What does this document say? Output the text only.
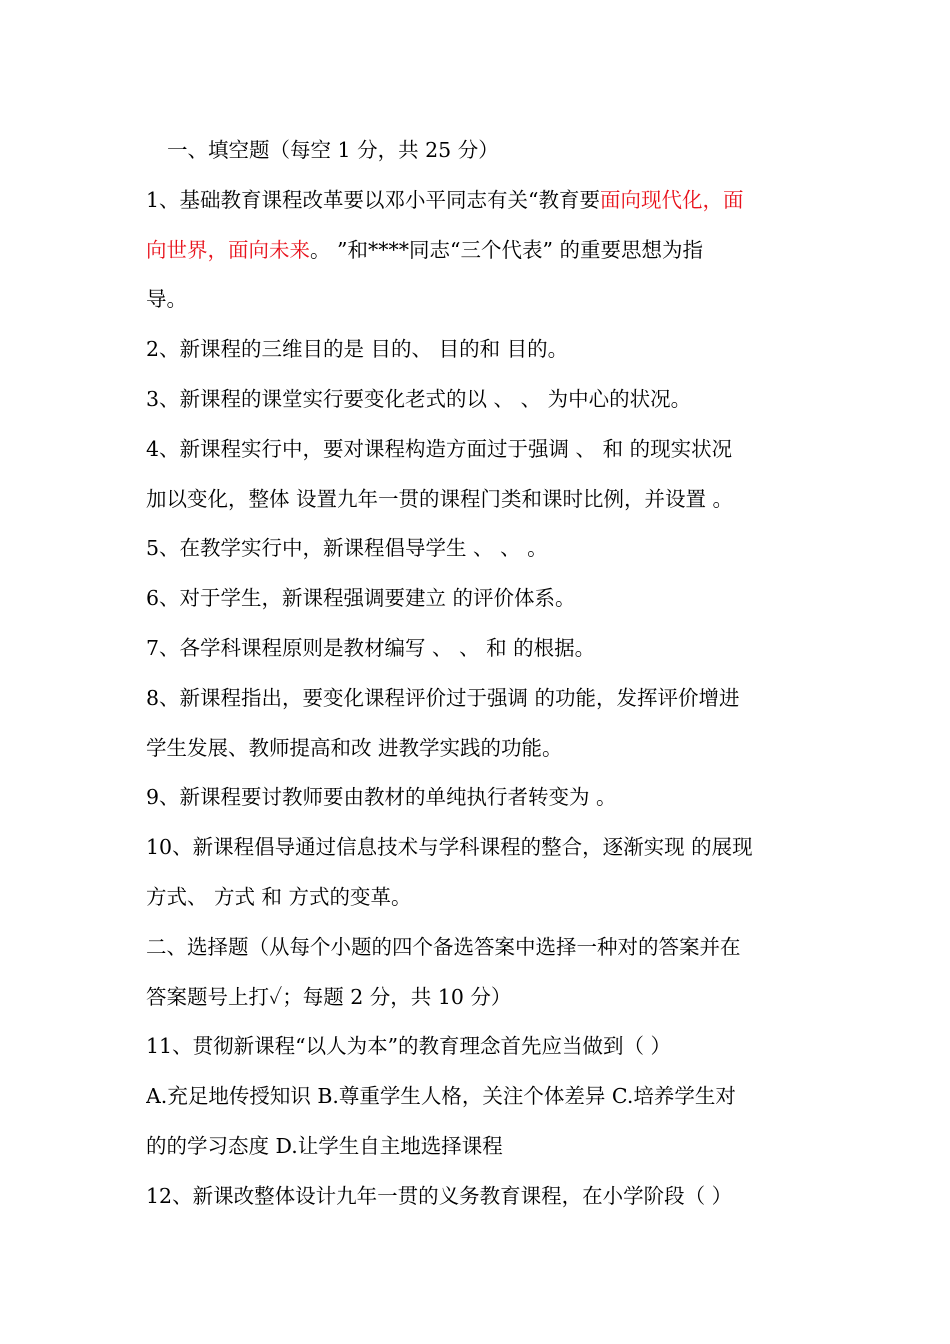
一、填空题（每空 1 分，共 25 分）
1、基础教育课程改革要以邓小平同志有关“教育要面向现代化，面
向世界，面向未来。 ”和****同志“三个代表” 的重要思想为指
导。
2、新课程的三维目的是 目的、 目的和 目的。
3、新课程的课堂实行要变化老式的以 、 、 为中心的状况。
4、新课程实行中，要对课程构造方面过于强调 、 和 的现实状况
加以变化，整体 设置九年一贯的课程门类和课时比例，并设置 。
5、在教学实行中，新课程倡导学生 、 、 。
6、对于学生，新课程强调要建立 的评价体系。
7、各学科课程原则是教材编写 、 、 和 的根据。
8、新课程指出，要变化课程评价过于强调 的功能，发挥评价增进
学生发展、教师提高和改 进教学实践的功能。
9、新课程要讨教师要由教材的单纯执行者转变为 。
10、新课程倡导通过信息技术与学科课程的整合，逐渐实现 的展现
方式、 方式 和 方式的变革。
二、选择题（从每个小题的四个备选答案中选择一种对的答案并在
答案题号上打✓；每题 2 分，共 10 分）
11、贯彻新课程“以人为本”的教育理念首先应当做到（ ）
A.充足地传授知识 B.尊重学生人格，关注个体差异 C.培养学生对
的的学习态度 D.让学生自主地选择课程
12、新课改整体设计九年一贯的义务教育课程，在小学阶段（ ）
